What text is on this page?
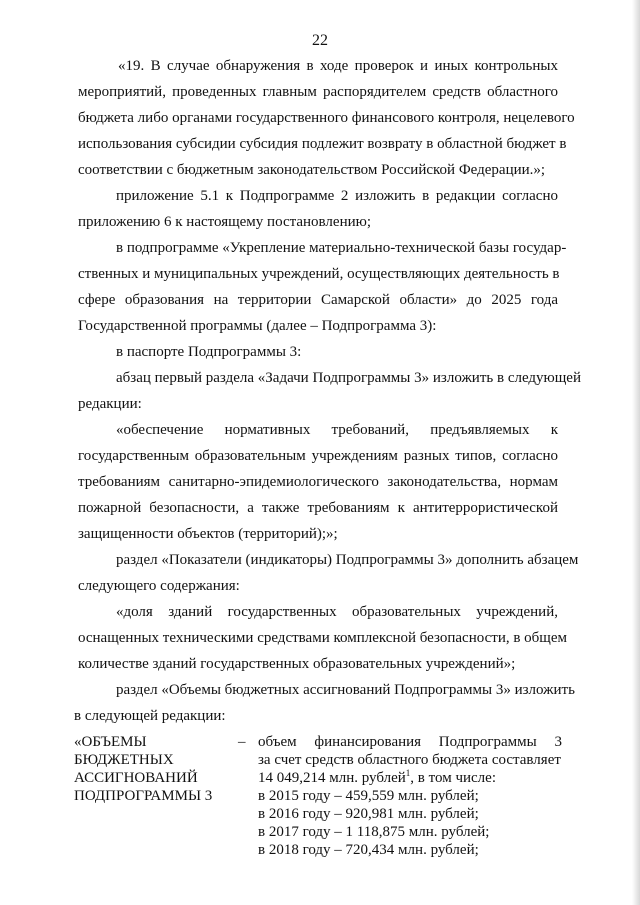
22
«19. В случае обнаружения в ходе проверок и иных контрольных
мероприятий, проведенных главным распорядителем средств областного
бюджета либо органами государственного финансового контроля, нецелевого
использования субсидии субсидия подлежит возврату в областной бюджет в
соответствии с бюджетным законодательством Российской Федерации.»;
приложение 5.1 к Подпрограмме 2 изложить в редакции согласно
приложению 6 к настоящему постановлению;
в подпрограмме «Укрепление материально-технической базы государ-
ственных и муниципальных учреждений, осуществляющих деятельность в
сфере образования на территории Самарской области» до 2025 года
Государственной программы (далее – Подпрограмма 3):
в паспорте Подпрограммы 3:
абзац первый раздела «Задачи Подпрограммы 3» изложить в следующей
редакции:
«обеспечение нормативных требований, предъявляемых к
государственным образовательным учреждениям разных типов, согласно
требованиям санитарно-эпидемиологического законодательства, нормам
пожарной безопасности, а также требованиям к антитеррористической
защищенности объектов (территорий);»;
раздел «Показатели (индикаторы) Подпрограммы 3» дополнить абзацем
следующего содержания:
«доля зданий государственных образовательных учреждений,
оснащенных техническими средствами комплексной безопасности, в общем
количестве зданий государственных образовательных учреждений»;
раздел «Объемы бюджетных ассигнований Подпрограммы 3» изложить
в следующей редакции:
«ОБЪЕМЫ
БЮДЖЕТНЫХ
АССИГНОВАНИЙ
ПОДПРОГРАММЫ 3
– объем финансирования Подпрограммы 3
за счет средств областного бюджета составляет
14 049,214 млн. рублей$^1$, в том числе:
в 2015 году – 459,559 млн. рублей;
в 2016 году – 920,981 млн. рублей;
в 2017 году – 1 118,875 млн. рублей;
в 2018 году – 720,434 млн. рублей;
